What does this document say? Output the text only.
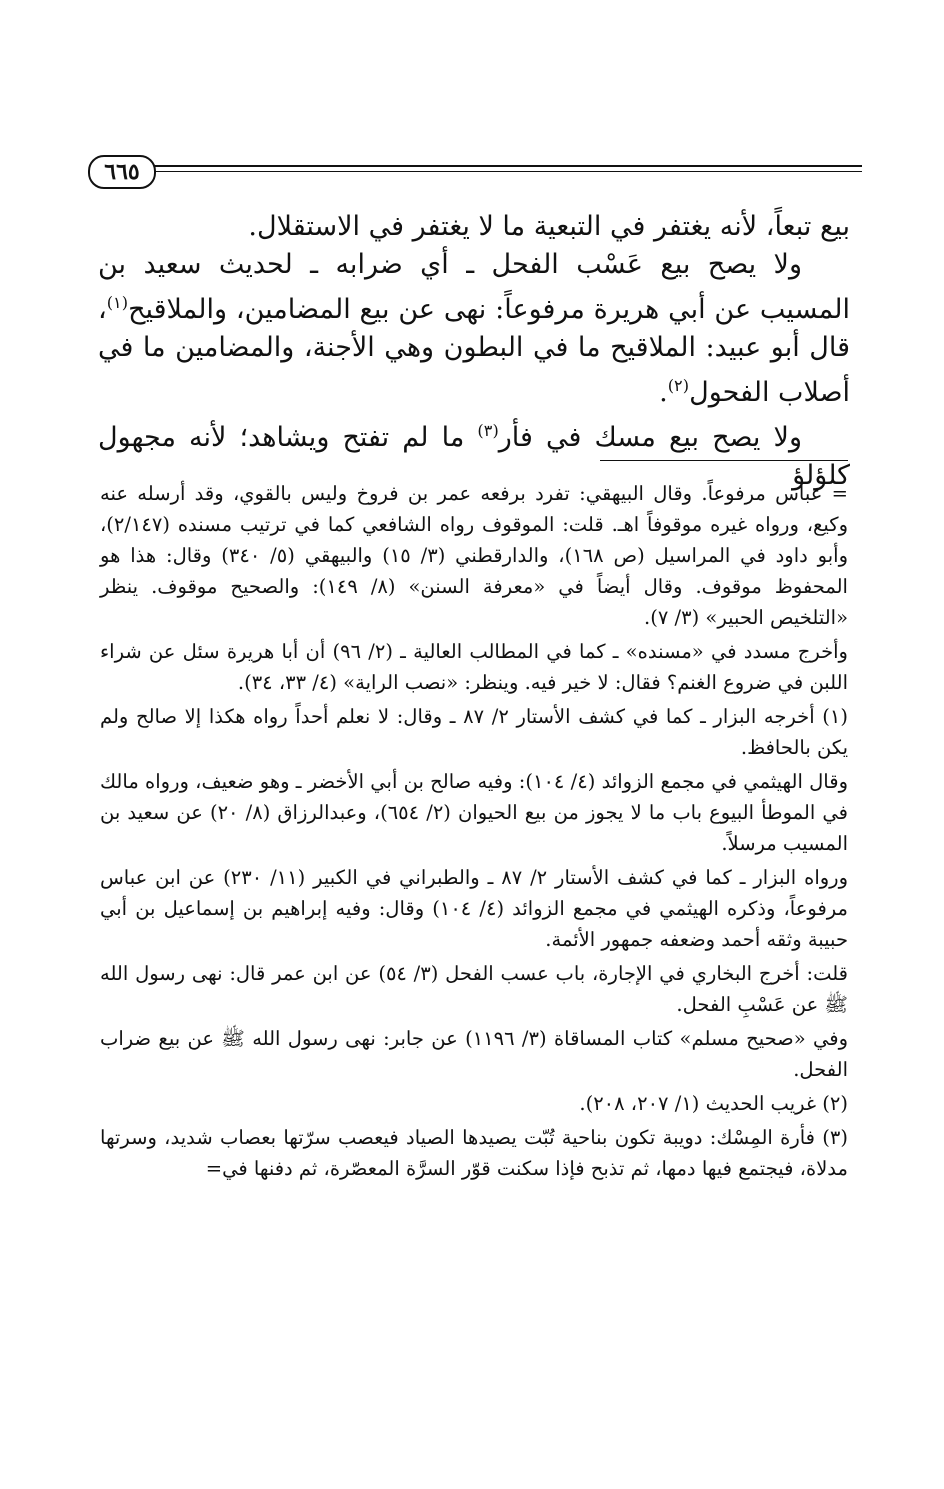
٦٦٥

بيع تبعاً، لأنه يغتفر في التبعية ما لا يغتفر في الاستقلال.

ولا يصح بيع عَسْب الفحل ـ أي ضرابه ـ لحديث سعيد بن المسيب عن أبي هريرة مرفوعاً: نهى عن بيع المضامين، والملاقيح$^{(١)}$، قال أبو عبيد: الملاقيح ما في البطون وهي الأجنة، والمضامين ما في أصلاب الفحول$^{(٢)}$.

ولا يصح بيع مسك في فأر$^{(٣)}$ ما لم تفتح ويشاهد؛ لأنه مجهول كلؤلؤ

= عباس مرفوعاً. وقال البيهقي: تفرد برفعه عمر بن فروخ وليس بالقوي، وقد أرسله عنه وكيع، ورواه غيره موقوفاً اهـ. قلت: الموقوف رواه الشافعي كما في ترتيب مسنده (٢/١٤٧)، وأبو داود في المراسيل (ص ١٦٨)، والدارقطني (٣/ ١٥) والبيهقي (٥/ ٣٤٠) وقال: هذا هو المحفوظ موقوف. وقال أيضاً في «معرفة السنن» (٨/ ١٤٩): والصحيح موقوف. ينظر «التلخيص الحبير» (٣/ ٧).

وأخرج مسدد في «مسنده» ـ كما في المطالب العالية ـ (٢/ ٩٦) أن أبا هريرة سئل عن شراء اللبن في ضروع الغنم؟ فقال: لا خير فيه. وينظر: «نصب الراية» (٤/ ٣٣، ٣٤).

(١) أخرجه البزار ـ كما في كشف الأستار ٢/ ٨٧ ـ وقال: لا نعلم أحداً رواه هكذا إلا صالح ولم يكن بالحافظ.

وقال الهيثمي في مجمع الزوائد (٤/ ١٠٤): وفيه صالح بن أبي الأخضر ـ وهو ضعيف، ورواه مالك في الموطأ البيوع باب ما لا يجوز من بيع الحيوان (٢/ ٦٥٤)، وعبدالرزاق (٨/ ٢٠) عن سعيد بن المسيب مرسلاً.

ورواه البزار ـ كما في كشف الأستار ٢/ ٨٧ ـ والطبراني في الكبير (١١/ ٢٣٠) عن ابن عباس مرفوعاً، وذكره الهيثمي في مجمع الزوائد (٤/ ١٠٤) وقال: وفيه إبراهيم بن إسماعيل بن أبي حبيبة وثقه أحمد وضعفه جمهور الأئمة.

قلت: أخرج البخاري في الإجارة، باب عسب الفحل (٣/ ٥٤) عن ابن عمر قال: نهى رسول الله ﷺ عن عَسْبِ الفحل.

وفي «صحيح مسلم» كتاب المساقاة (٣/ ١١٩٦) عن جابر: نهى رسول الله ﷺ عن بيع ضراب الفحل.

(٢) غريب الحديث (١/ ٢٠٧، ٢٠٨).

(٣) فأرة المِسْك: دويبة تكون بناحية تُبّت يصيدها الصياد فيعصب سرّتها بعصاب شديد، وسرتها مدلاة، فيجتمع فيها دمها، ثم تذبح فإذا سكنت قوّر السرَّة المعصّرة، ثم دفنها في=
